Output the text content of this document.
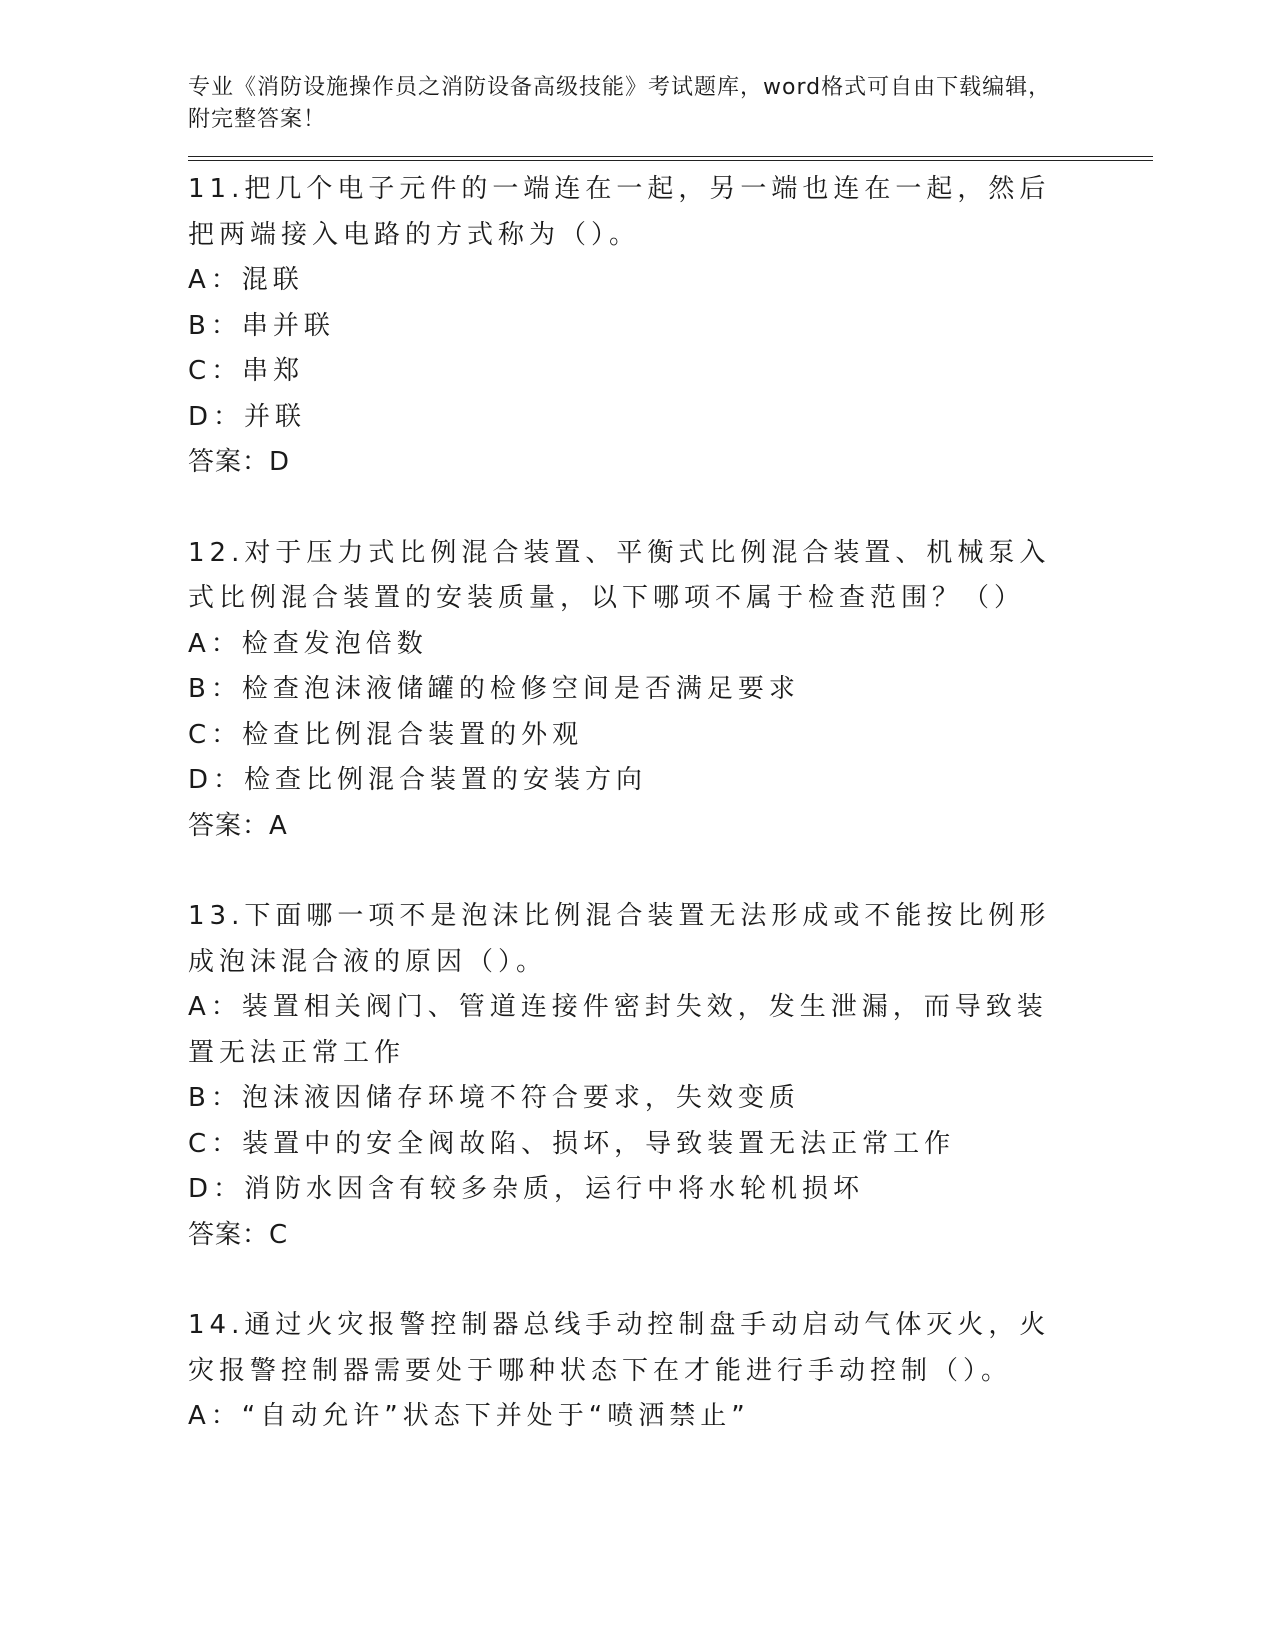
专业《消防设施操作员之消防设备高级技能》考试题库，word格式可自由下载编辑，附完整答案！
11.把几个电子元件的一端连在一起，另一端也连在一起，然后把两端接入电路的方式称为（）。
A：混联
B：串并联
C：串郑
D：并联
答案：D
12.对于压力式比例混合装置、平衡式比例混合装置、机械泵入式比例混合装置的安装质量，以下哪项不属于检查范围？（）
A：检查发泡倍数
B：检查泡沫液储罐的检修空间是否满足要求
C：检查比例混合装置的外观
D：检查比例混合装置的安装方向
答案：A
13.下面哪一项不是泡沫比例混合装置无法形成或不能按比例形成泡沫混合液的原因（）。
A：装置相关阀门、管道连接件密封失效，发生泄漏，而导致装置无法正常工作
B：泡沫液因储存环境不符合要求，失效变质
C：装置中的安全阀故陷、损坏，导致装置无法正常工作
D：消防水因含有较多杂质，运行中将水轮机损坏
答案：C
14.通过火灾报警控制器总线手动控制盘手动启动气体灭火，火灾报警控制器需要处于哪种状态下在才能进行手动控制（）。
A：“自动允许”状态下并处于“喷洒禁止”
